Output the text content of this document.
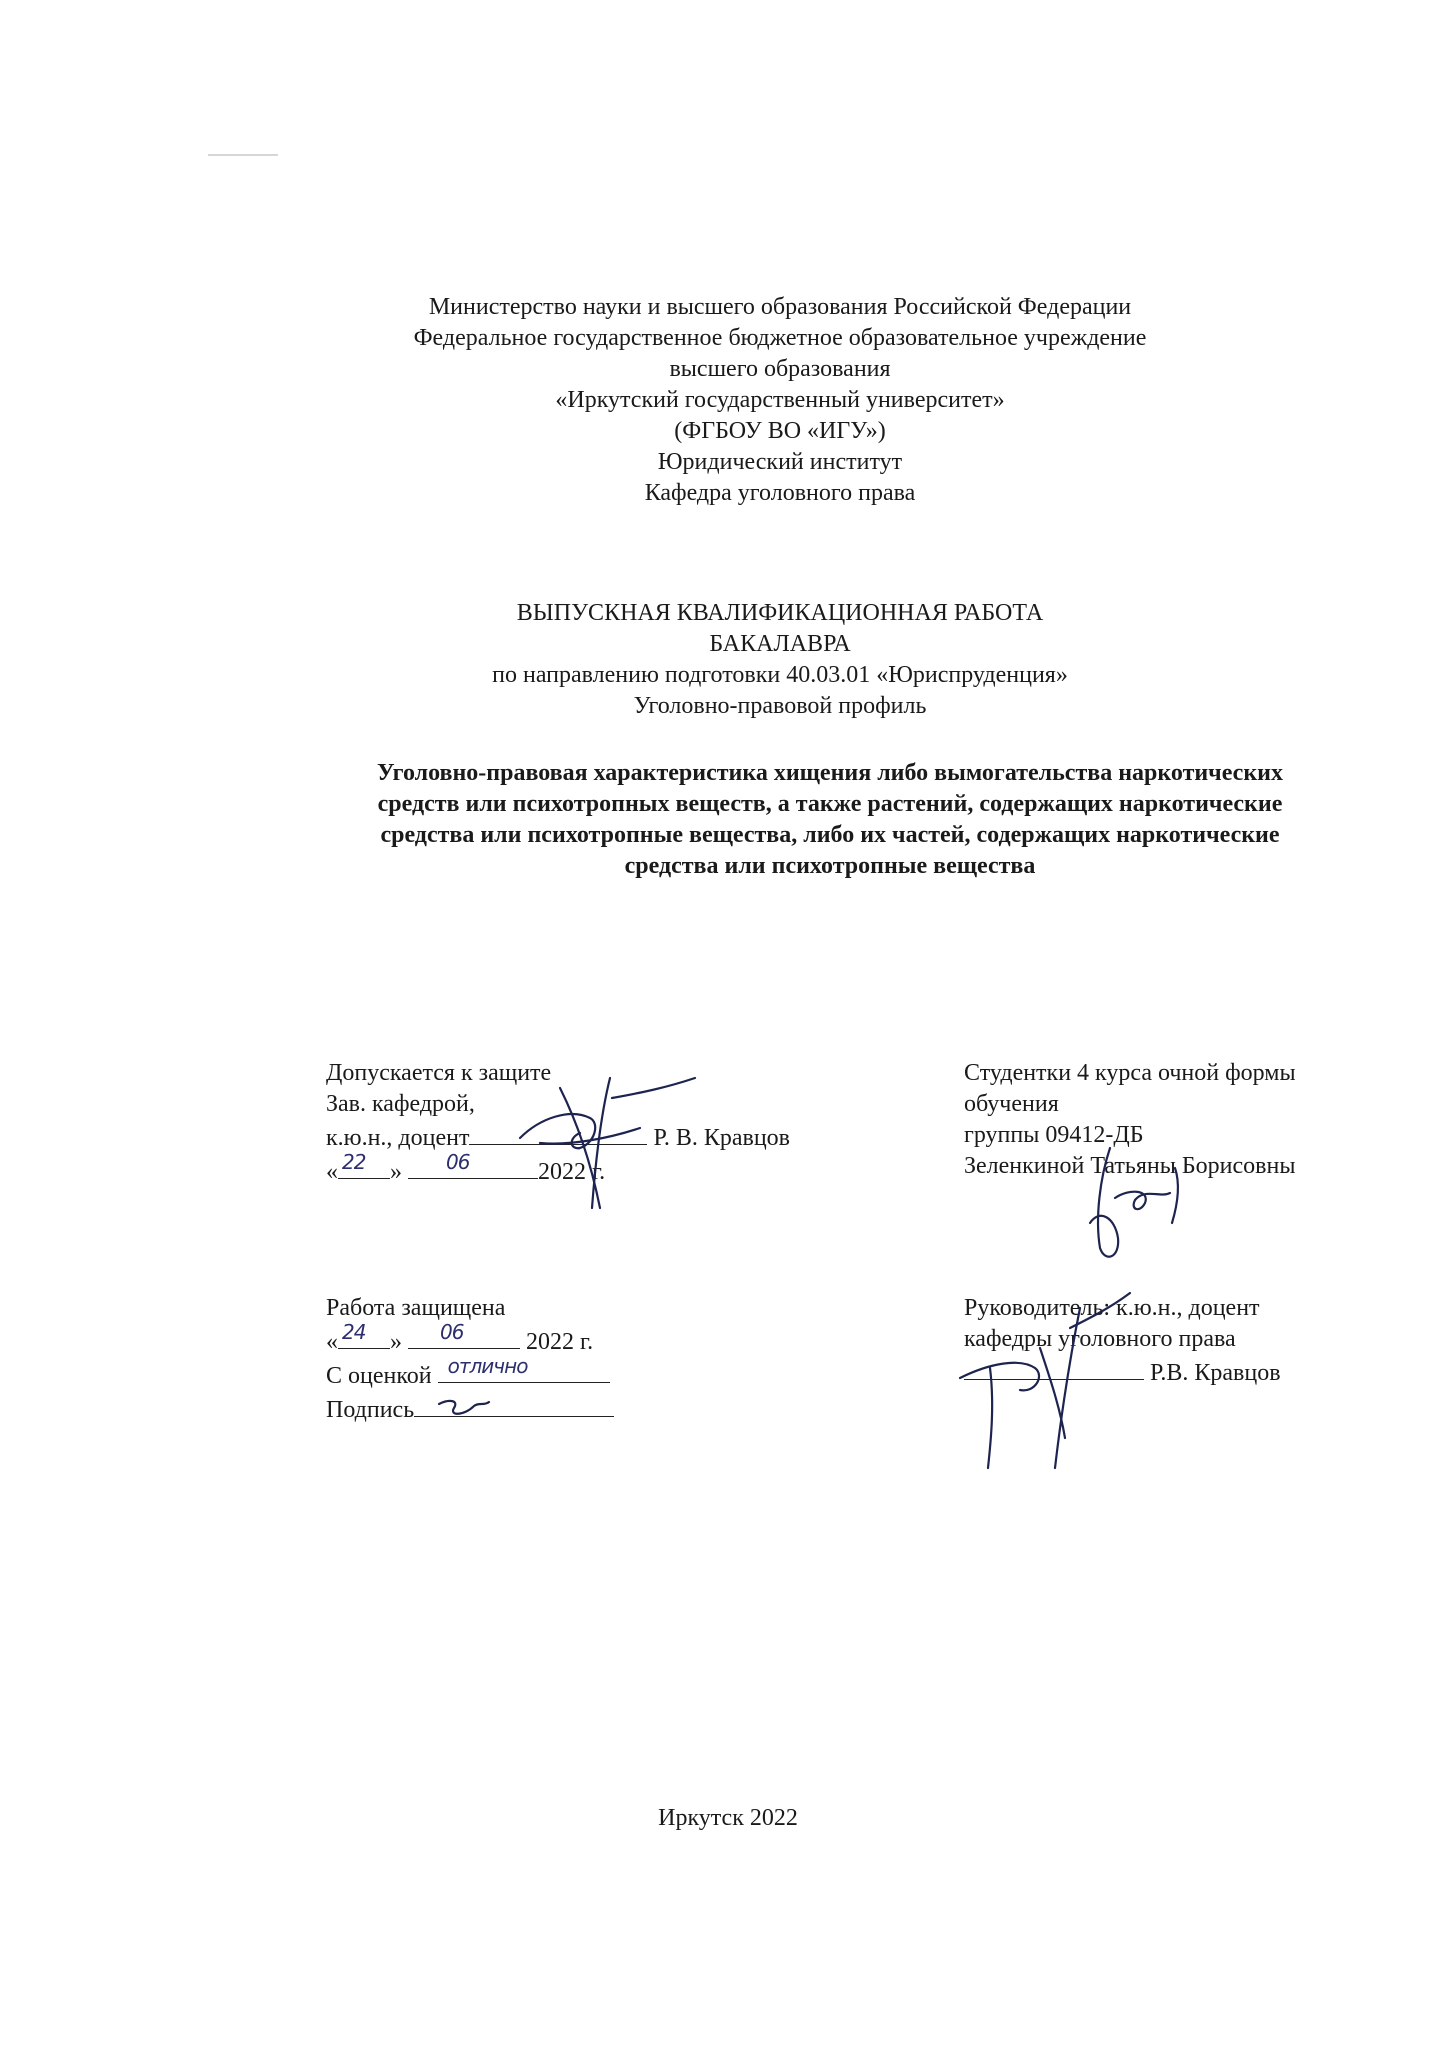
Министерство науки и высшего образования Российской Федерации
Федеральное государственное бюджетное образовательное учреждение
высшего образования
«Иркутский государственный университет»
(ФГБОУ ВО «ИГУ»)
Юридический институт
Кафедра уголовного права
ВЫПУСКНАЯ КВАЛИФИКАЦИОННАЯ РАБОТА
БАКАЛАВРА
по направлению подготовки 40.03.01 «Юриспруденция»
Уголовно-правовой профиль
Уголовно-правовая характеристика хищения либо вымогательства наркотических
средств или психотропных веществ, а также растений, содержащих наркотические
средства или психотропные вещества, либо их частей, содержащих наркотические
средства или психотропные вещества
Допускается к защите
Зав. кафедрой,
к.ю.н., доцент	Р. В. Кравцов
« 22 » 06	2022 г.
Студентки 4 курса очной формы
обучения
группы 09412-ДБ
Зеленкиной Татьяны Борисовны
Работа защищена
« 24 » 06	2022 г.
С оценкой отлично
Подпись
Руководитель: к.ю.н., доцент
кафедры уголовного права
Р.В. Кравцов
Иркутск 2022
